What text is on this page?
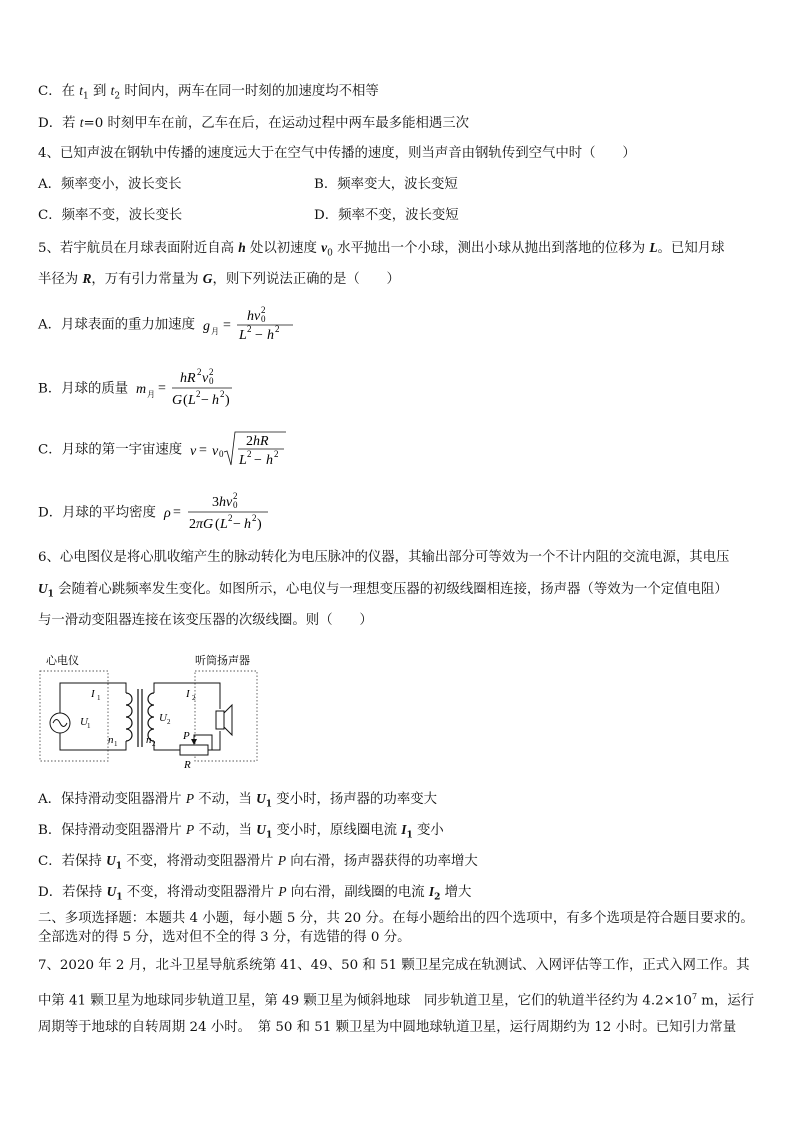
C．在 $t_1$ 到 $t_2$ 时间内，两车在同一时刻的加速度均不相等
D．若 t=0 时刻甲车在前，乙车在后，在运动过程中两车最多能相遇三次
4、已知声波在钢轨中传播的速度远大于在空气中传播的速度，则当声音由钢轨传到空气中时（　　）
A．频率变小，波长变长	B．频率变大，波长变短
C．频率不变，波长变长	D．频率不变，波长变短
5、若宇航员在月球表面附近自高 h 处以初速度 $v_0$ 水平抛出一个小球，测出小球从抛出到落地的位移为 L。已知月球
半径为 R，万有引力常量为 G，则下列说法正确的是（　　）
A．月球表面的重力加速度 g 月 =
hv 0
2
L 2 − h 2
B．月球的质量 m 月 =
hR 2 v 0
2
G ( L 2 − h 2 )
C．月球的第一宇宙速度 v = v 0
2 hR
L 2 − h 2
D．月球的平均密度 ρ =
3 hv 0
2
2 πG ( L 2 − h 2 )
6、心电图仪是将心肌收缩产生的脉动转化为电压脉冲的仪器，其输出部分可等效为一个不计内阻的交流电源，其电压
$U_1$ 会随着心跳频率发生变化。如图所示，心电仪与一理想变压器的初级线圈相连接，扬声器（等效为一个定值电阻）
与一滑动变阻器连接在该变压器的次级线圈。则（　　）
心电仪	听筒扬声器
I 1
U 1
n 1
I 2
U 2
n 2
P
R
A．保持滑动变阻器滑片 P 不动，当 $U_1$ 变小时，扬声器的功率变大
B．保持滑动变阻器滑片 P 不动，当 $U_1$ 变小时，原线圈电流 $I_1$ 变小
C．若保持 $U_1$ 不变，将滑动变阻器滑片 P 向右滑，扬声器获得的功率增大
D．若保持 $U_1$ 不变，将滑动变阻器滑片 P 向右滑，副线圈的电流 $I_2$ 增大
二、多项选择题：本题共 4 小题，每小题 5 分，共 20 分。在每小题给出的四个选项中，有多个选项是符合题目要求的。
全部选对的得 5 分，选对但不全的得 3 分，有选错的得 0 分。
7、2020 年 2 月，北斗卫星导航系统第 41、49、50 和 51 颗卫星完成在轨测试、入网评估等工作，正式入网工作。其
中第 41 颗卫星为地球同步轨道卫星，第 49 颗卫星为倾斜地球　同步轨道卫星，它们的轨道半径约为 $4.2\times 10^7$ m，运行
周期等于地球的自转周期 24 小时。　第 50 和 51 颗卫星为中圆地球轨道卫星，运行周期约为 12 小时。已知引力常量
